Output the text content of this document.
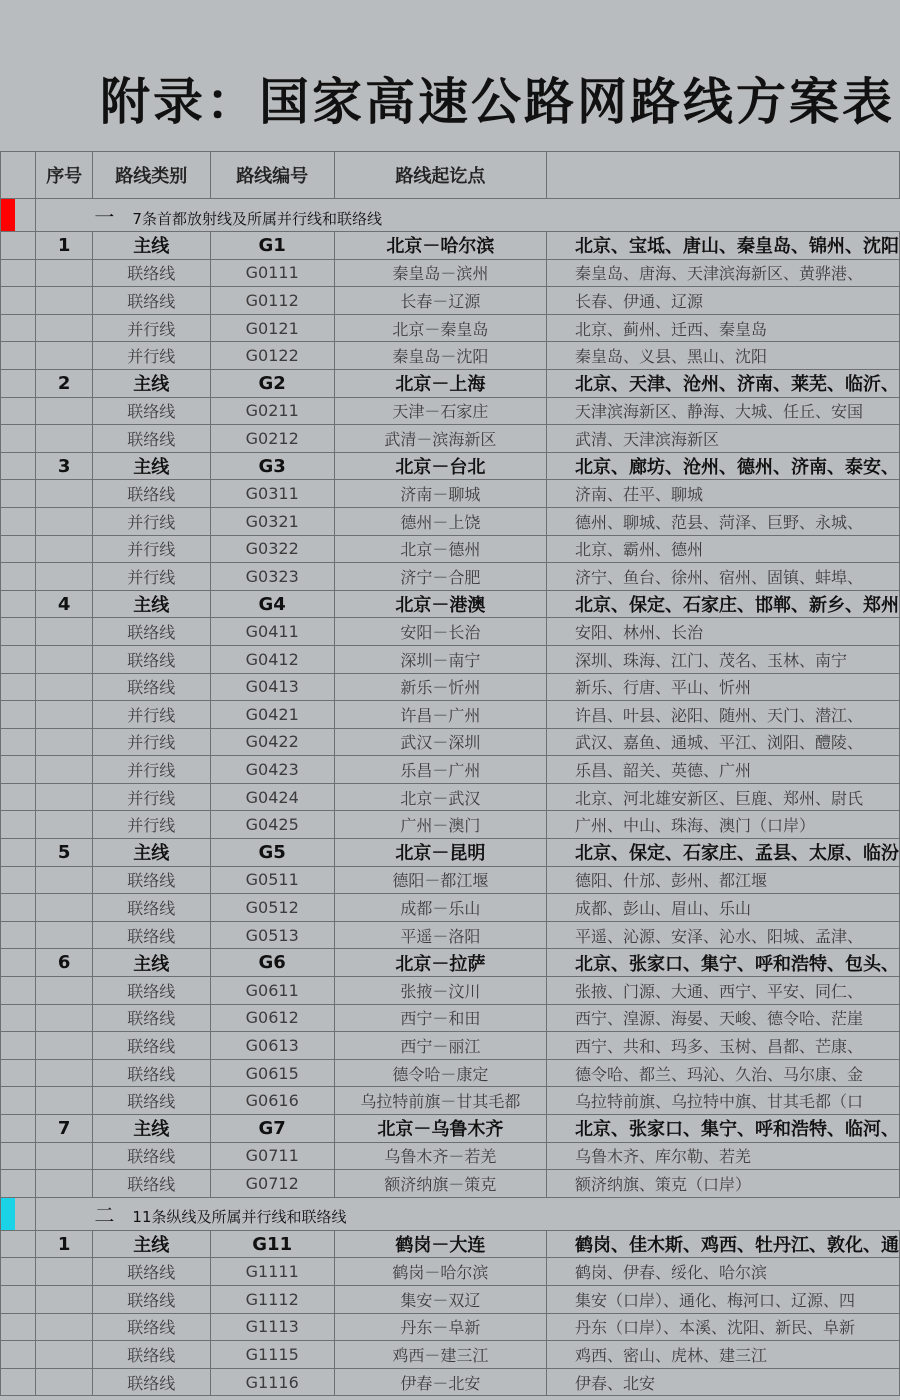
附录：国家高速公路网路线方案表
	序号	路线类别	路线编号	路线起讫点	

	一 7条首都放射线及所属并行线和联络线				
	1	主线	G1	北京－哈尔滨	北京、宝坻、唐山、秦皇岛、锦州、沈阳
		联络线	G0111	秦皇岛－滨州	秦皇岛、唐海、天津滨海新区、黄骅港、
		联络线	G0112	长春－辽源	长春、伊通、辽源
		并行线	G0121	北京－秦皇岛	北京、蓟州、迁西、秦皇岛
		并行线	G0122	秦皇岛－沈阳	秦皇岛、义县、黑山、沈阳
	2	主线	G2	北京－上海	北京、天津、沧州、济南、莱芜、临沂、
		联络线	G0211	天津－石家庄	天津滨海新区、静海、大城、任丘、安国
		联络线	G0212	武清－滨海新区	武清、天津滨海新区
	3	主线	G3	北京－台北	北京、廊坊、沧州、德州、济南、泰安、
		联络线	G0311	济南－聊城	济南、茌平、聊城
		并行线	G0321	德州－上饶	德州、聊城、范县、菏泽、巨野、永城、
		并行线	G0322	北京－德州	北京、霸州、德州
		并行线	G0323	济宁－合肥	济宁、鱼台、徐州、宿州、固镇、蚌埠、
	4	主线	G4	北京－港澳	北京、保定、石家庄、邯郸、新乡、郑州
		联络线	G0411	安阳－长治	安阳、林州、长治
		联络线	G0412	深圳－南宁	深圳、珠海、江门、茂名、玉林、南宁
		联络线	G0413	新乐－忻州	新乐、行唐、平山、忻州
		并行线	G0421	许昌－广州	许昌、叶县、泌阳、随州、天门、潜江、
		并行线	G0422	武汉－深圳	武汉、嘉鱼、通城、平江、浏阳、醴陵、
		并行线	G0423	乐昌－广州	乐昌、韶关、英德、广州
		并行线	G0424	北京－武汉	北京、河北雄安新区、巨鹿、郑州、尉氏
		并行线	G0425	广州－澳门	广州、中山、珠海、澳门（口岸）
	5	主线	G5	北京－昆明	北京、保定、石家庄、孟县、太原、临汾
		联络线	G0511	德阳－都江堰	德阳、什邡、彭州、都江堰
		联络线	G0512	成都－乐山	成都、彭山、眉山、乐山
		联络线	G0513	平遥－洛阳	平遥、沁源、安泽、沁水、阳城、孟津、
	6	主线	G6	北京－拉萨	北京、张家口、集宁、呼和浩特、包头、
		联络线	G0611	张掖－汶川	张掖、门源、大通、西宁、平安、同仁、
		联络线	G0612	西宁－和田	西宁、湟源、海晏、天峻、德令哈、茫崖
		联络线	G0613	西宁－丽江	西宁、共和、玛多、玉树、昌都、芒康、
		联络线	G0615	德令哈－康定	德令哈、都兰、玛沁、久治、马尔康、金
		联络线	G0616	乌拉特前旗－甘其毛都	乌拉特前旗、乌拉特中旗、甘其毛都（口
	7	主线	G7	北京－乌鲁木齐	北京、张家口、集宁、呼和浩特、临河、
		联络线	G0711	乌鲁木齐－若羌	乌鲁木齐、库尔勒、若羌
		联络线	G0712	额济纳旗－策克	额济纳旗、策克（口岸）

	二 11条纵线及所属并行线和联络线				
	1	主线	G11	鹤岗－大连	鹤岗、佳木斯、鸡西、牡丹江、敦化、通
		联络线	G1111	鹤岗－哈尔滨	鹤岗、伊春、绥化、哈尔滨
		联络线	G1112	集安－双辽	集安（口岸）、通化、梅河口、辽源、四
		联络线	G1113	丹东－阜新	丹东（口岸）、本溪、沈阳、新民、阜新
		联络线	G1115	鸡西－建三江	鸡西、密山、虎林、建三江
		联络线	G1116	伊春－北安	伊春、北安
